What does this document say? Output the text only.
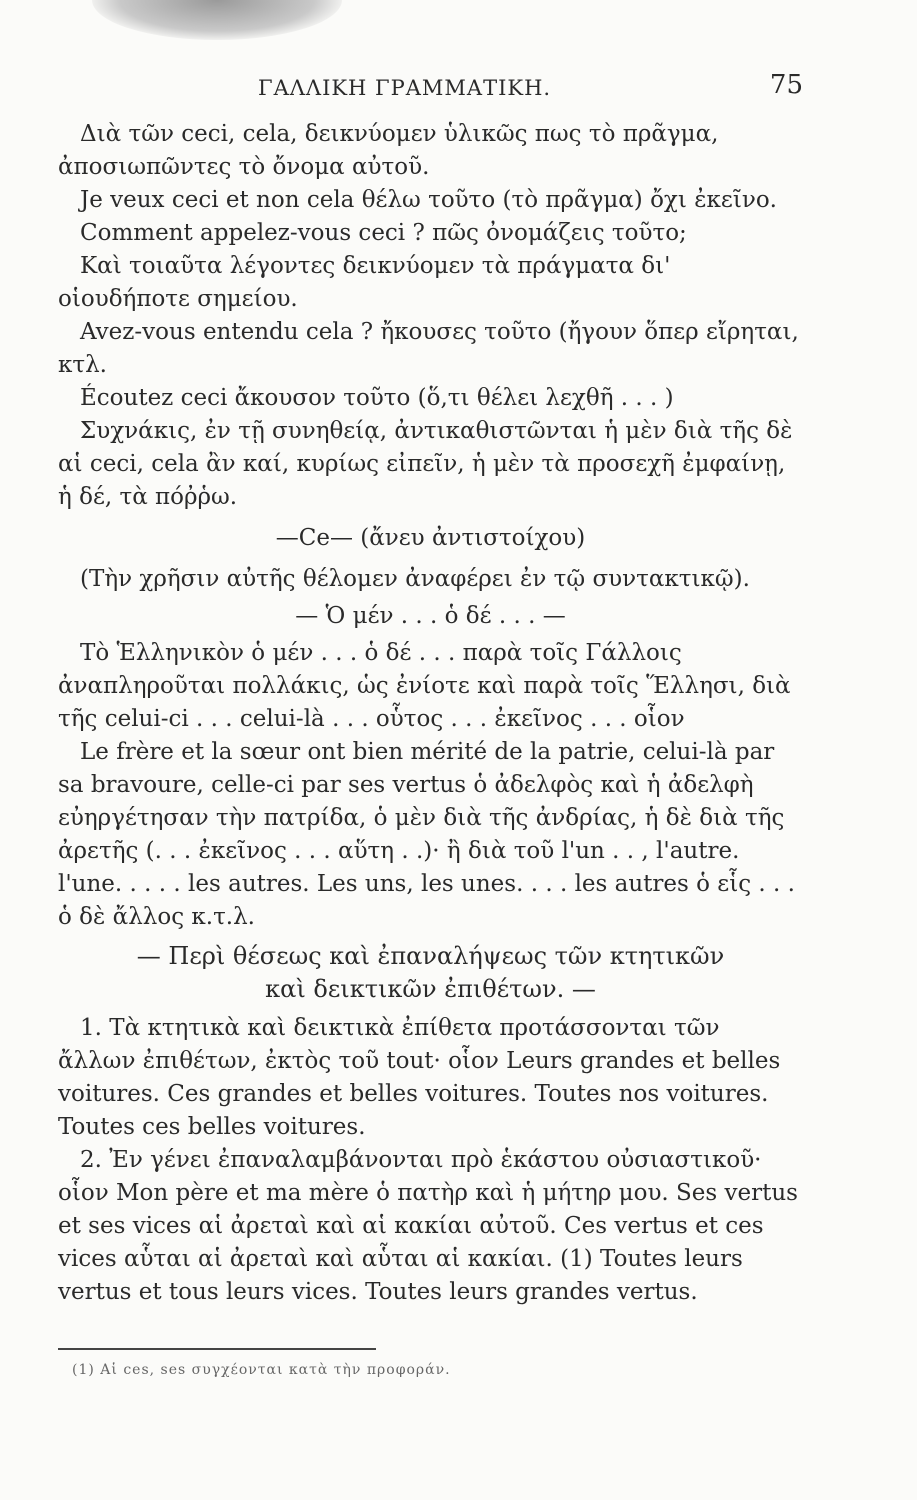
ΓΑΛΛΙΚΗ ΓΡΑΜΜΑΤΙΚΗ.	75

Διὰ τῶν ceci, cela, δεικνύομεν ὑλικῶς πως τὸ πρᾶγμα, ἀποσιωπῶντες τὸ ὄνομα αὐτοῦ.

Je veux ceci et non cela θέλω τοῦτο (τὸ πρᾶγμα) ὄχι ἐκεῖνο.

Comment appelez-vous ceci ? πῶς ὀνομάζεις τοῦτο;

Καὶ τοιαῦτα λέγοντες δεικνύομεν τὰ πράγματα δι' οἱουδήποτε σημείου.

Avez-vous entendu cela ? ἤκουσες τοῦτο (ἤγουν ὅπερ εἴρηται, κτλ.

Écoutez ceci ἄκουσον τοῦτο (ὅ,τι θέλει λεχθῆ . . . )

Συχνάκις, ἐν τῇ συνηθείᾳ, ἀντικαθιστῶνται ἡ μὲν διὰ τῆς δὲ αἱ ceci, cela ἂν καί, κυρίως εἰπεῖν, ἡ μὲν τὰ προσεχῆ ἐμφαίνῃ, ἡ δέ, τὰ πόῤῥω.

—Ce— (ἄνευ ἀντιστοίχου)

(Τὴν χρῆσιν αὐτῆς θέλομεν ἀναφέρει ἐν τῷ συντακτικῷ).

— Ὁ μέν . . . ὁ δέ . . . —

Τὸ Ἑλληνικὸν ὁ μέν . . . ὁ δέ . . . παρὰ τοῖς Γάλλοις ἀναπληροῦται πολλάκις, ὡς ἐνίοτε καὶ παρὰ τοῖς Ἕλλησι, διὰ τῆς celui-ci . . . celui-là . . . οὗτος . . . ἐκεῖνος . . . οἷον

Le frère et la sœur ont bien mérité de la patrie, celui-là par sa bravoure, celle-ci par ses vertus ὁ ἀδελφὸς καὶ ἡ ἀδελφὴ εὐηργέτησαν τὴν πατρίδα, ὁ μὲν διὰ τῆς ἀνδρίας, ἡ δὲ διὰ τῆς ἀρετῆς (. . . ἐκεῖνος . . . αὕτη . .)· ἢ διὰ τοῦ l'un . . , l'autre. l'une. . . . . les autres. Les uns, les unes. . . . les autres ὁ εἷς . . . ὁ δὲ ἄλλος κ.τ.λ.

— Περὶ θέσεως καὶ ἐπαναλήψεως τῶν κτητικῶν

καὶ δεικτικῶν ἐπιθέτων. —

1. Τὰ κτητικὰ καὶ δεικτικὰ ἐπίθετα προτάσσονται τῶν ἄλλων ἐπιθέτων, ἐκτὸς τοῦ tout· οἷον Leurs grandes et belles voitures. Ces grandes et belles voitures. Toutes nos voitures. Toutes ces belles voitures.

2. Ἐν γένει ἐπαναλαμβάνονται πρὸ ἑκάστου οὐσιαστικοῦ· οἷον Mon père et ma mère ὁ πατὴρ καὶ ἡ μήτηρ μου. Ses vertus et ses vices αἱ ἀρεταὶ καὶ αἱ κακίαι αὐτοῦ. Ces vertus et ces vices αὗται αἱ ἀρεταὶ καὶ αὗται αἱ κακίαι. (1) Toutes leurs vertus et tous leurs vices. Toutes leurs grandes vertus.

(1) Αἱ ces, ses συγχέονται κατὰ τὴν προφοράν.
